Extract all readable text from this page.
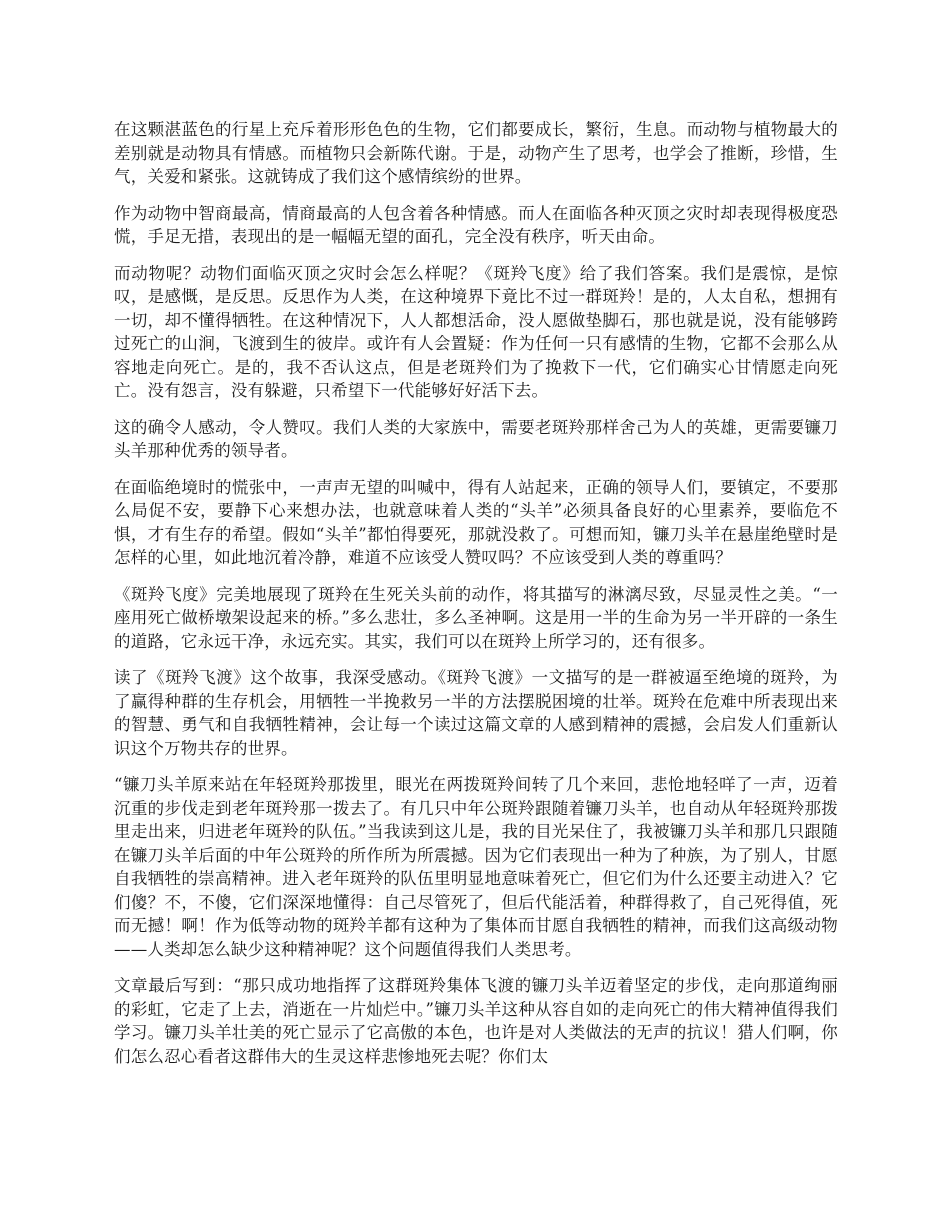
在这颗湛蓝色的行星上充斥着形形色色的生物，它们都要成长，繁衍，生息。而动物与植物最大的差别就是动物具有情感。而植物只会新陈代谢。于是，动物产生了思考，也学会了推断，珍惜，生气，关爱和紧张。这就铸成了我们这个感情缤纷的世界。

作为动物中智商最高，情商最高的人包含着各种情感。而人在面临各种灭顶之灾时却表现得极度恐慌，手足无措，表现出的是一幅幅无望的面孔，完全没有秩序，听天由命。

而动物呢？动物们面临灭顶之灾时会怎么样呢？《斑羚飞度》给了我们答案。我们是震惊，是惊叹，是感慨，是反思。反思作为人类，在这种境界下竟比不过一群斑羚！是的，人太自私，想拥有一切，却不懂得牺牲。在这种情况下，人人都想活命，没人愿做垫脚石，那也就是说，没有能够跨过死亡的山涧，飞渡到生的彼岸。或许有人会置疑：作为任何一只有感情的生物，它都不会那么从容地走向死亡。是的，我不否认这点，但是老斑羚们为了挽救下一代，它们确实心甘情愿走向死亡。没有怨言，没有躲避，只希望下一代能够好好活下去。

这的确令人感动，令人赞叹。我们人类的大家族中，需要老斑羚那样舍己为人的英雄，更需要镰刀头羊那种优秀的领导者。

在面临绝境时的慌张中，一声声无望的叫喊中，得有人站起来，正确的领导人们，要镇定，不要那么局促不安，要静下心来想办法，也就意味着人类的“头羊”必须具备良好的心里素养，要临危不惧，才有生存的希望。假如“头羊”都怕得要死，那就没救了。可想而知，镰刀头羊在悬崖绝壁时是怎样的心里，如此地沉着冷静，难道不应该受人赞叹吗？不应该受到人类的尊重吗？

《斑羚飞度》完美地展现了斑羚在生死关头前的动作，将其描写的淋漓尽致，尽显灵性之美。“一座用死亡做桥墩架设起来的桥。”多么悲壮，多么圣神啊。这是用一半的生命为另一半开辟的一条生的道路，它永远干净，永远充实。其实，我们可以在斑羚上所学习的，还有很多。

读了《斑羚飞渡》这个故事，我深受感动。《斑羚飞渡》一文描写的是一群被逼至绝境的斑羚，为了赢得种群的生存机会，用牺牲一半挽救另一半的方法摆脱困境的壮举。斑羚在危难中所表现出来的智慧、勇气和自我牺牲精神，会让每一个读过这篇文章的人感到精神的震撼，会启发人们重新认识这个万物共存的世界。

“镰刀头羊原来站在年轻斑羚那拨里，眼光在两拨斑羚间转了几个来回，悲怆地轻咩了一声，迈着沉重的步伐走到老年斑羚那一拨去了。有几只中年公斑羚跟随着镰刀头羊，也自动从年轻斑羚那拨里走出来，归进老年斑羚的队伍。”当我读到这儿是，我的目光呆住了，我被镰刀头羊和那几只跟随在镰刀头羊后面的中年公斑羚的所作所为所震撼。因为它们表现出一种为了种族，为了别人，甘愿自我牺牲的崇高精神。进入老年斑羚的队伍里明显地意味着死亡，但它们为什么还要主动进入？它们傻？不，不傻，它们深深地懂得：自己尽管死了，但后代能活着，种群得救了，自己死得值，死而无撼！啊！作为低等动物的斑羚羊都有这种为了集体而甘愿自我牺牲的精神，而我们这高级动物——人类却怎么缺少这种精神呢？这个问题值得我们人类思考。

文章最后写到：“那只成功地指挥了这群斑羚集体飞渡的镰刀头羊迈着坚定的步伐，走向那道绚丽的彩虹，它走了上去，消逝在一片灿烂中。”镰刀头羊这种从容自如的走向死亡的伟大精神值得我们学习。镰刀头羊壮美的死亡显示了它高傲的本色，也许是对人类做法的无声的抗议！猎人们啊，你们怎么忍心看者这群伟大的生灵这样悲惨地死去呢？你们太
